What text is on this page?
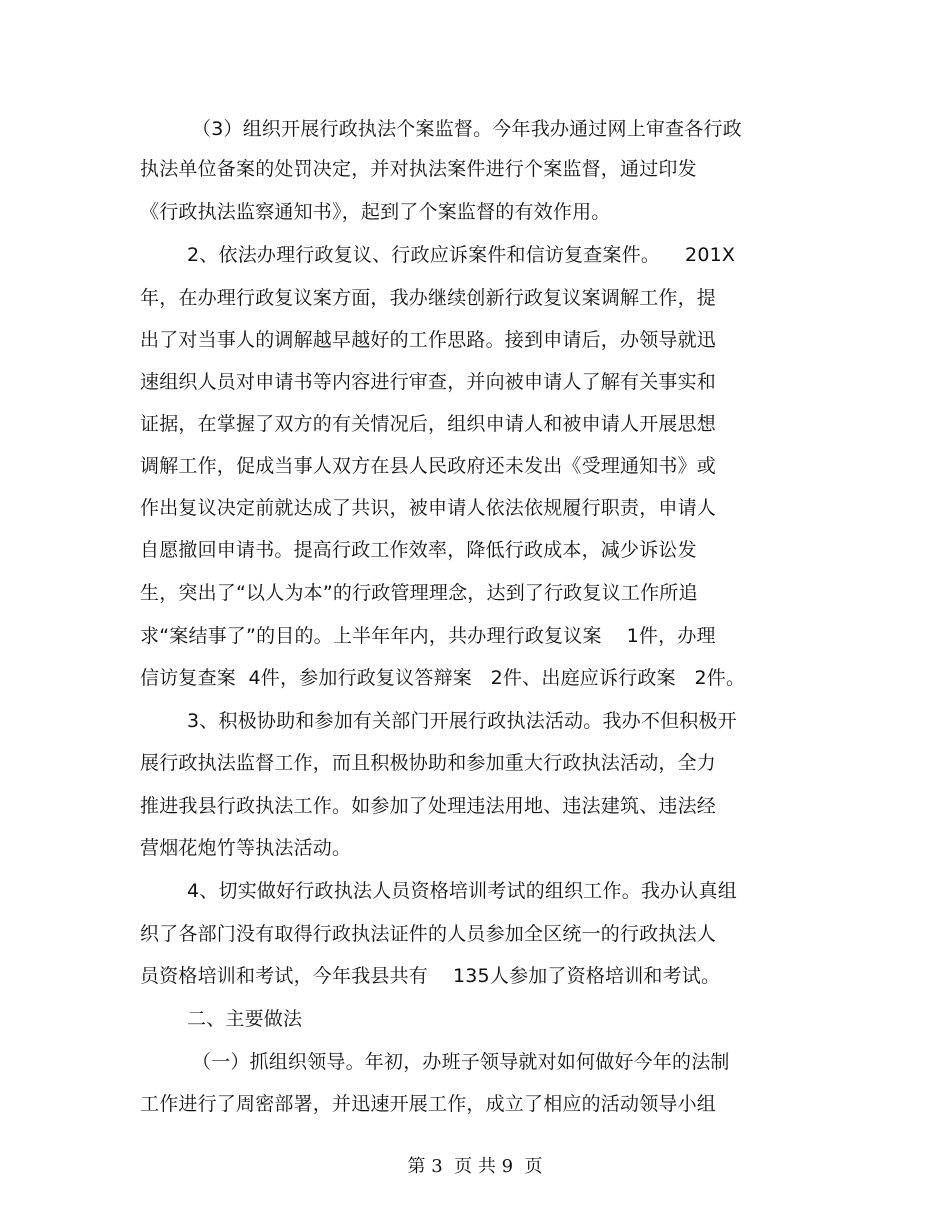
（3）组织开展行政执法个案监督。今年我办通过网上审查各行政
执法单位备案的处罚决定，并对执法案件进行个案监督，通过印发
《行政执法监察通知书》，起到了个案监督的有效作用。
2、依法办理行政复议、行政应诉案件和信访复查案件。    201X
年，在办理行政复议案方面，我办继续创新行政复议案调解工作，提
出了对当事人的调解越早越好的工作思路。接到申请后，办领导就迅
速组织人员对申请书等内容进行审查，并向被申请人了解有关事实和
证据，在掌握了双方的有关情况后，组织申请人和被申请人开展思想
调解工作，促成当事人双方在县人民政府还未发出《受理通知书》或
作出复议决定前就达成了共识，被申请人依法依规履行职责，申请人
自愿撤回申请书。提高行政工作效率，降低行政成本，减少诉讼发
生，突出了“以人为本”的行政管理理念，达到了行政复议工作所追
求“案结事了”的目的。上半年年内，共办理行政复议案    1件，办理
信访复查案  4件，参加行政复议答辩案   2件、出庭应诉行政案   2件。
3、积极协助和参加有关部门开展行政执法活动。我办不但积极开
展行政执法监督工作，而且积极协助和参加重大行政执法活动，全力
推进我县行政执法工作。如参加了处理违法用地、违法建筑、违法经
营烟花炮竹等执法活动。
4、切实做好行政执法人员资格培训考试的组织工作。我办认真组
织了各部门没有取得行政执法证件的人员参加全区统一的行政执法人
员资格培训和考试，今年我县共有    135人参加了资格培训和考试。
二、主要做法
（一）抓组织领导。年初，办班子领导就对如何做好今年的法制
工作进行了周密部署，并迅速开展工作，成立了相应的活动领导小组
第 3  页 共 9  页
